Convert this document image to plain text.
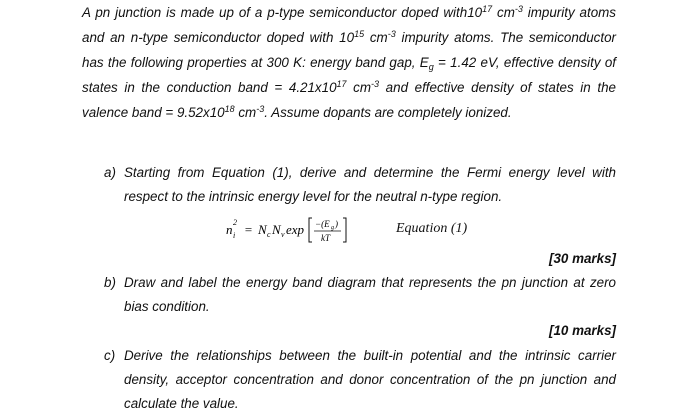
A pn junction is made up of a p-type semiconductor doped $with10^{17}$ $cm^{-3}$ impurity atoms and an n-type semiconductor doped with $10^{15}$ $cm^{-3}$ impurity atoms. The semiconductor has the following properties at 300 K: energy band gap, $E_g = 1.42$ eV, effective density of states in the conduction band = $4.21x10^{17}$ $cm^{-3}$ and effective density of states in the valence band = $9.52x10^{18}$ $cm^{-3}$. Assume dopants are completely ionized.
a) Starting from Equation (1), derive and determine the Fermi energy level with respect to the intrinsic energy level for the neutral n-type region.
n 2
i = N c N v exp −(E g )
kT
Equation (1)
[30 marks]
b) Draw and label the energy band diagram that represents the pn junction at zero bias condition.
[10 marks]
c) Derive the relationships between the built-in potential and the intrinsic carrier density, acceptor concentration and donor concentration of the pn junction and calculate the value.
